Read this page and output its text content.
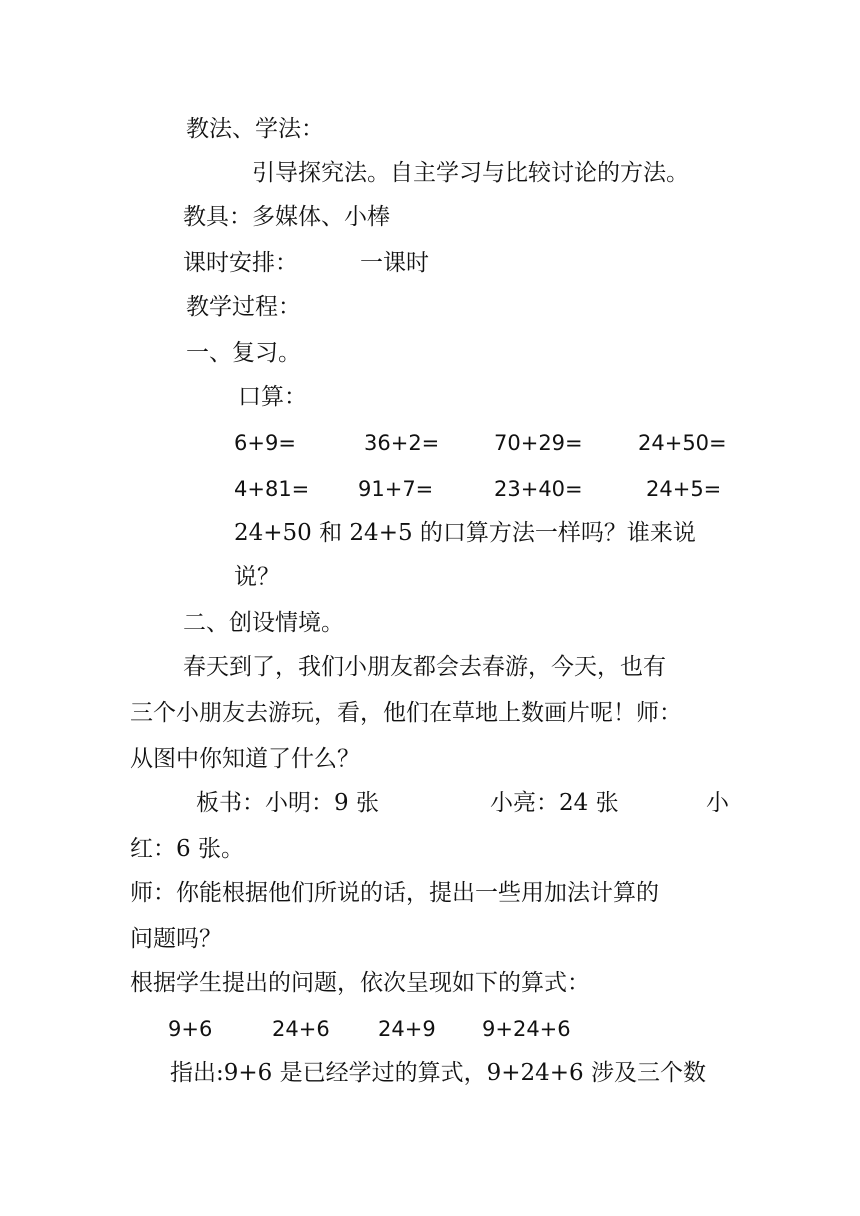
教法、学法：
引导探究法。自主学习与比较讨论的方法。
教具：多媒体、小棒
课时安排：	一课时
教学过程：
一、复习。
口算：
6+9=	36+2=	70+29=	24+50=
4+81= 91+7=	23+40=	24+5=
24+50 和 24+5 的口算方法一样吗？谁来说
说？
二、创设情境。
春天到了，我们小朋友都会去春游，今天，也有
三个小朋友去游玩，看，他们在草地上数画片呢！师：
从图中你知道了什么？
板书：小明：9 张	小亮：24 张	小
红：6 张。
师：你能根据他们所说的话，提出一些用加法计算的
问题吗？
根据学生提出的问题，依次呈现如下的算式：
9+6	24+6 24+9 9+24+6
指出:9+6 是已经学过的算式，9+24+6 涉及三个数
